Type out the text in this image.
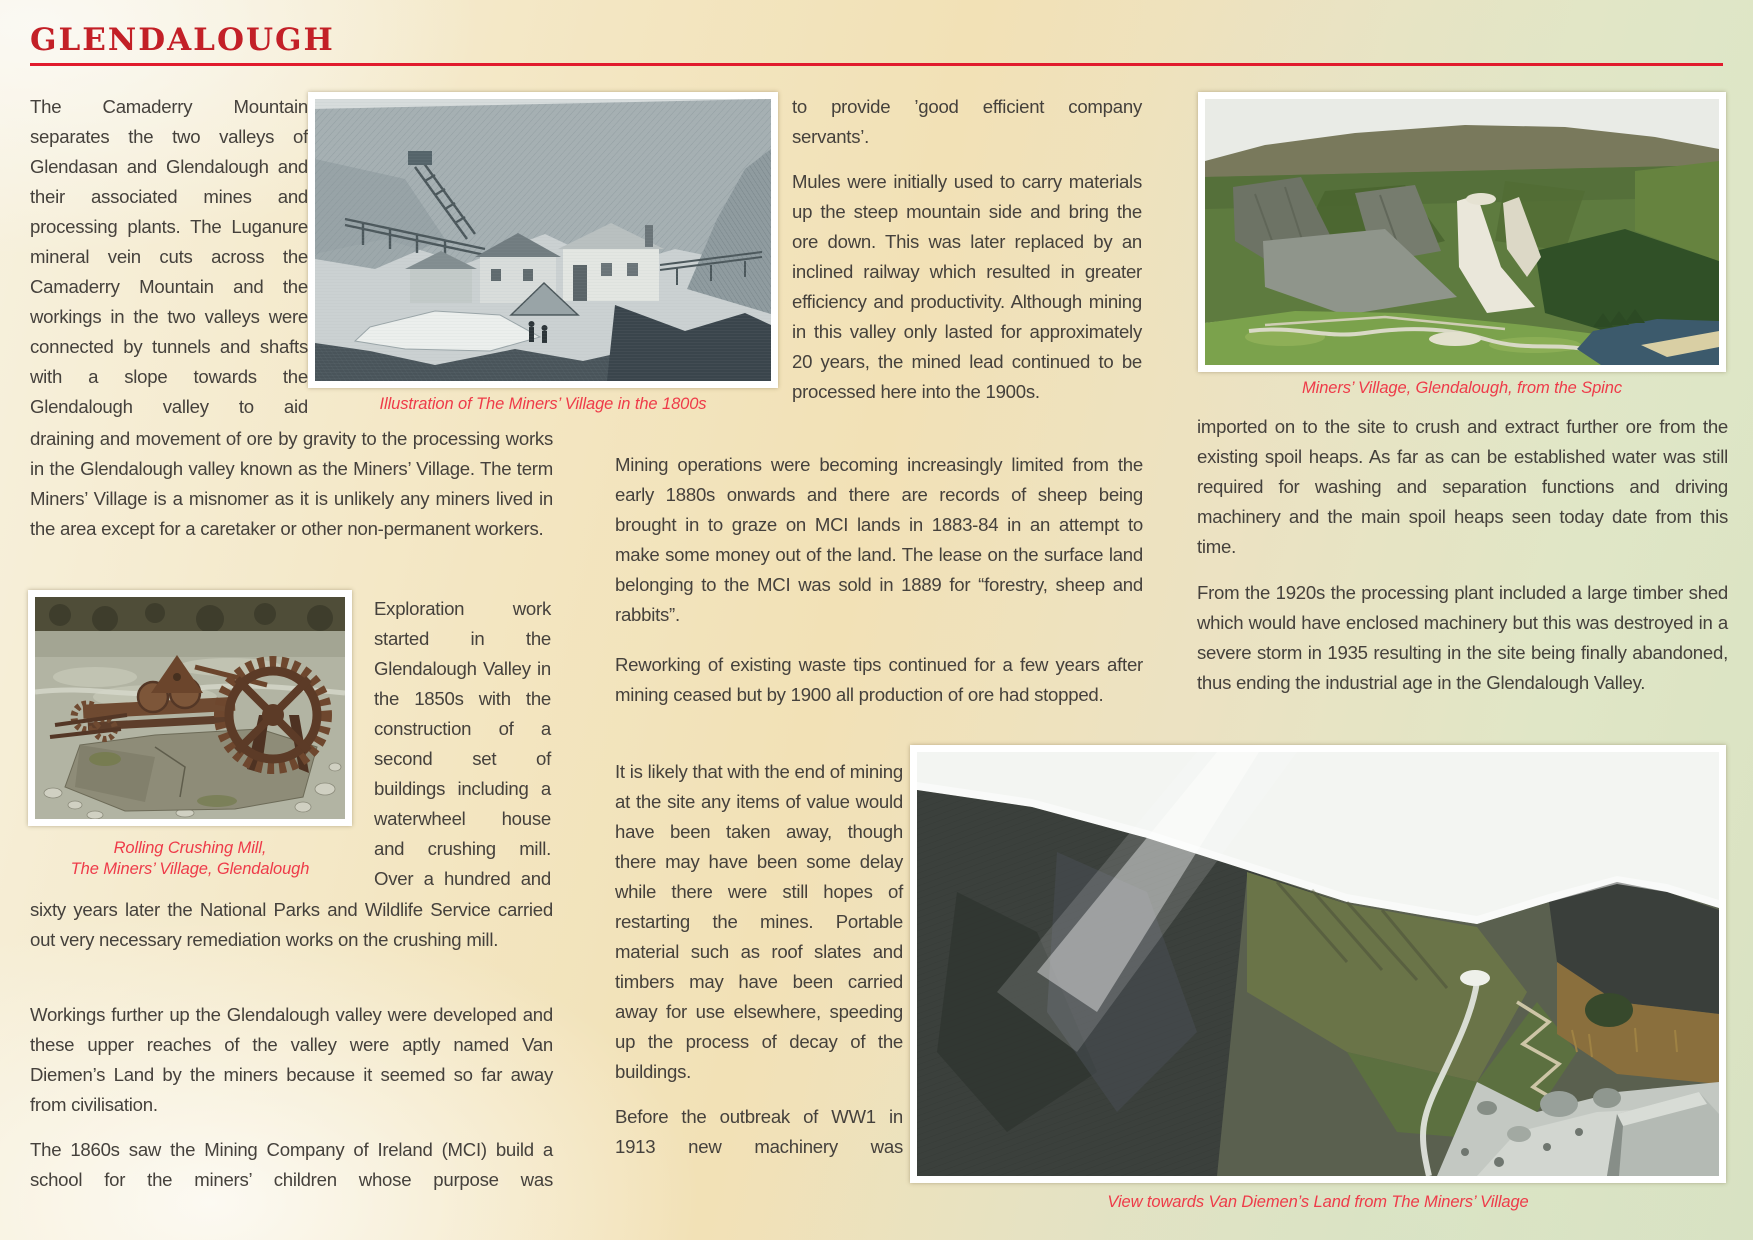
GLENDALOUGH

The Camaderry Mountain separates the two valleys of Glendasan and Glendalough and their associated mines and processing plants. The Luganure mineral vein cuts across the Camaderry Mountain and the workings in the two valleys were connected by tunnels and shafts with a slope towards the Glendalough valley to aid	Illustration of The Miners’ Village in the 1800s

draining and movement of ore by gravity to the processing works in the Glendalough valley known as the Miners’ Village. The term Miners’ Village is a misnomer as it is unlikely any miners lived in the area except for a caretaker or other non-permanent workers.

Rolling Crushing Mill,
The Miners’ Village, Glendalough

Exploration work started in the Glendalough Valley in the 1850s with the construction of a second set of buildings including a waterwheel house and crushing mill. Over a hundred and

sixty years later the National Parks and Wildlife Service carried out very necessary remediation works on the crushing mill.

Workings further up the Glendalough valley were developed and these upper reaches of the valley were aptly named Van Diemen’s Land by the miners because it seemed so far away from civilisation.

The 1860s saw the Mining Company of Ireland (MCI) build a school for the miners’ children whose purpose was

to provide ’good efficient company servants’.

Mules were initially used to carry materials up the steep mountain side and bring the ore down. This was later replaced by an inclined railway which resulted in greater efficiency and productivity. Although mining in this valley only lasted for approximately 20 years, the mined lead continued to be processed here into the 1900s.

Mining operations were becoming increasingly limited from the early 1880s onwards and there are records of sheep being brought in to graze on MCI lands in 1883-84 in an attempt to make some money out of the land. The lease on the surface land belonging to the MCI was sold in 1889 for “forestry, sheep and rabbits”.

Reworking of existing waste tips continued for a few years after mining ceased but by 1900 all production of ore had stopped.

It is likely that with the end of mining at the site any items of value would have been taken away, though there may have been some delay while there were still hopes of restarting the mines. Portable material such as roof slates and timbers may have been carried away for use elsewhere, speeding up the process of decay of the buildings.

Before the outbreak of WW1 in 1913 new machinery was

Miners’ Village, Glendalough, from the Spinc

imported on to the site to crush and extract further ore from the existing spoil heaps. As far as can be established water was still required for washing and separation functions and driving machinery and the main spoil heaps seen today date from this time.

From the 1920s the processing plant included a large timber shed which would have enclosed machinery but this was destroyed in a severe storm in 1935 resulting in the site being finally abandoned, thus ending the industrial age in the Glendalough Valley.

View towards Van Diemen’s Land from The Miners’ Village
